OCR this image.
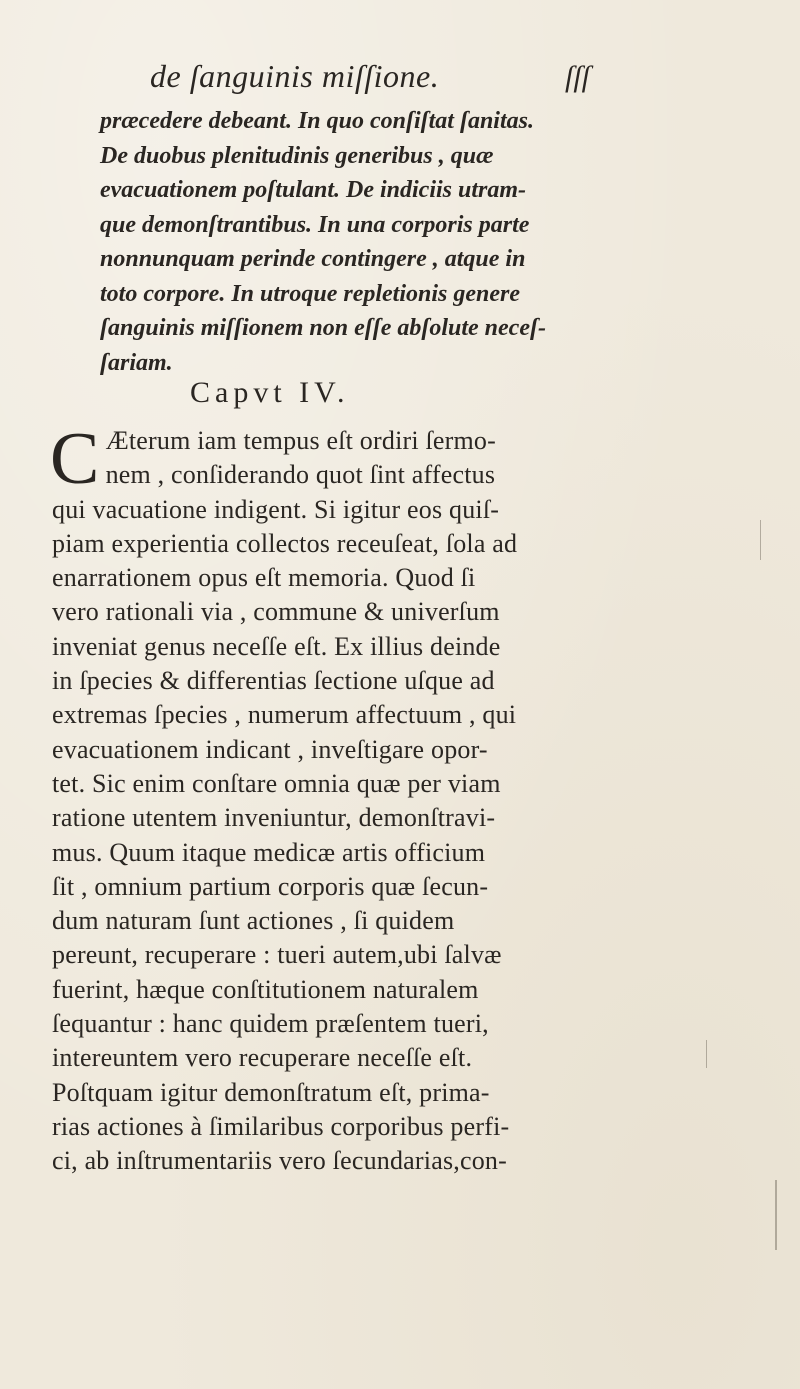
de ſanguinis miſſione.	ſſſ
præcedere debeant. In quo conſiſtat ſanitas.
De duobus plenitudinis generibus , quæ
evacuationem poſtulant. De indiciis utram-
que demonſtrantibus. In una corporis parte
nonnunquam perinde contingere , atque in
toto corpore. In utroque repletionis genere
ſanguinis miſſionem non eſſe abſolute neceſ-
ſariam.
Capvt IV.
C Æterum iam tempus eſt ordiri ſermo-
nem , conſiderando quot ſint affectus
qui vacuatione indigent. Si igitur eos quiſ-
piam experientia collectos receuſeat, ſola ad
enarrationem opus eſt memoria. Quod ſi
vero rationali via , commune & univerſum
inveniat genus neceſſe eſt. Ex illius deinde
in ſpecies & differentias ſectione uſque ad
extremas ſpecies , numerum affectuum , qui
evacuationem indicant , inveſtigare opor-
tet. Sic enim conſtare omnia quæ per viam
ratione utentem inveniuntur, demonſtravi-
mus. Quum itaque medicæ artis officium
ſit , omnium partium corporis quæ ſecun-
dum naturam ſunt actiones , ſi quidem
pereunt, recuperare : tueri autem,ubi ſalvæ
fuerint, hæque conſtitutionem naturalem
ſequantur : hanc quidem præſentem tueri,
intereuntem vero recuperare neceſſe eſt.
Poſtquam igitur demonſtratum eſt, prima-
rias actiones à ſimilaribus corporibus perfi-
ci, ab inſtrumentariis vero ſecundarias,con-
